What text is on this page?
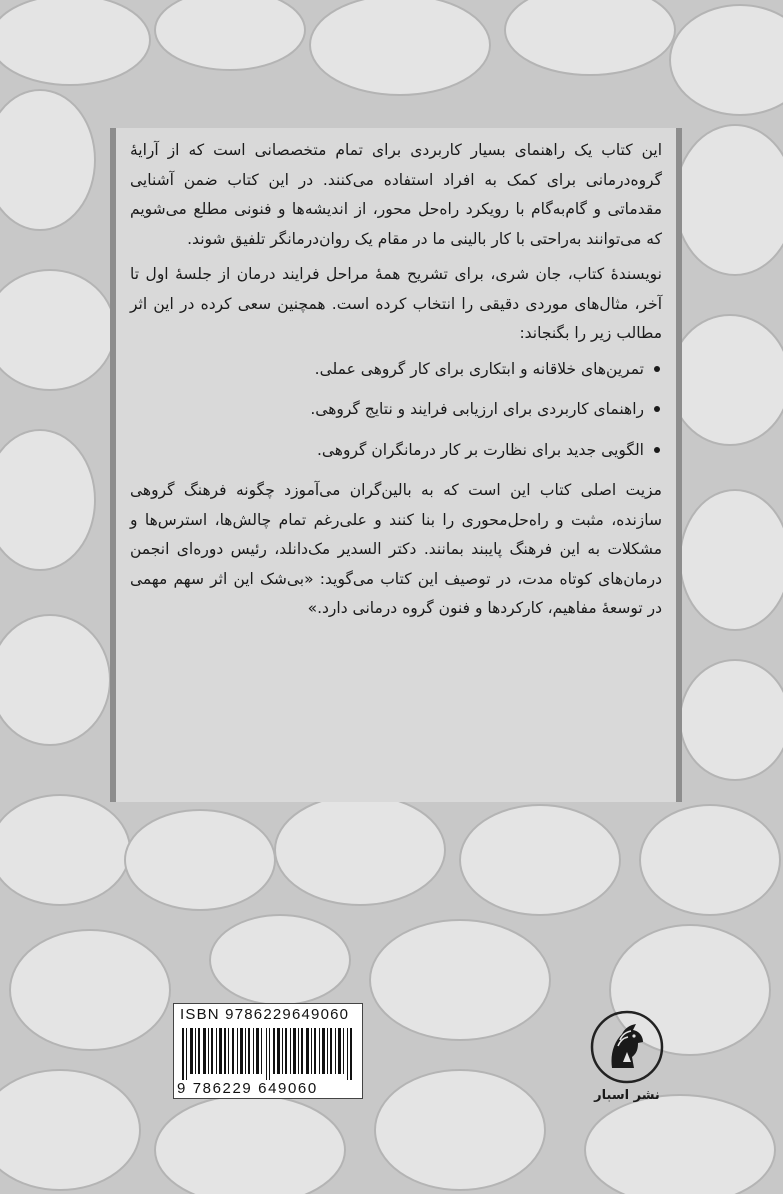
این کتاب یک راهنمای بسیار کاربردی برای تمام متخصصانی است که از آرایهٔ گروه‌درمانی برای کمک به افراد استفاده می‌کنند. در این کتاب ضمن آشنایی مقدماتی و گام‌به‌گام با رویکرد راه‌حل محور، از اندیشه‌ها و فنونی مطلع می‌شویم که می‌توانند به‌راحتی با کار بالینی ما در مقام یک روان‌درمانگر تلفیق شوند.

نویسندهٔ کتاب، جان شری، برای تشریح همهٔ مراحل فرایند درمان از جلسهٔ اول تا آخر، مثال‌های موردی دقیقی را انتخاب کرده است. همچنین سعی کرده در این اثر مطالب زیر را بگنجاند:

تمرین‌های خلاقانه و ابتکاری برای کار گروهی عملی.
راهنمای کاربردی برای ارزیابی فرایند و نتایج گروهی.
الگویی جدید برای نظارت بر کار درمانگران گروهی.

مزیت اصلی کتاب این است که به بالین‌گران می‌آموزد چگونه فرهنگ گروهی سازنده، مثبت و راه‌حل‌محوری را بنا کنند و علی‌رغم تمام چالش‌ها، استرس‌ها و مشکلات به این فرهنگ پایبند بمانند. دکتر السدیر مک‌دانلد، رئیس دوره‌ای انجمن درمان‌های کوتاه مدت، در توصیف این کتاب می‌گوید: «بی‌شک این اثر سهم مهمی در توسعهٔ مفاهیم، کارکردها و فنون گروه درمانی دارد.»

ISBN 9786229649060
9 786229 649060	نشر اسبار
